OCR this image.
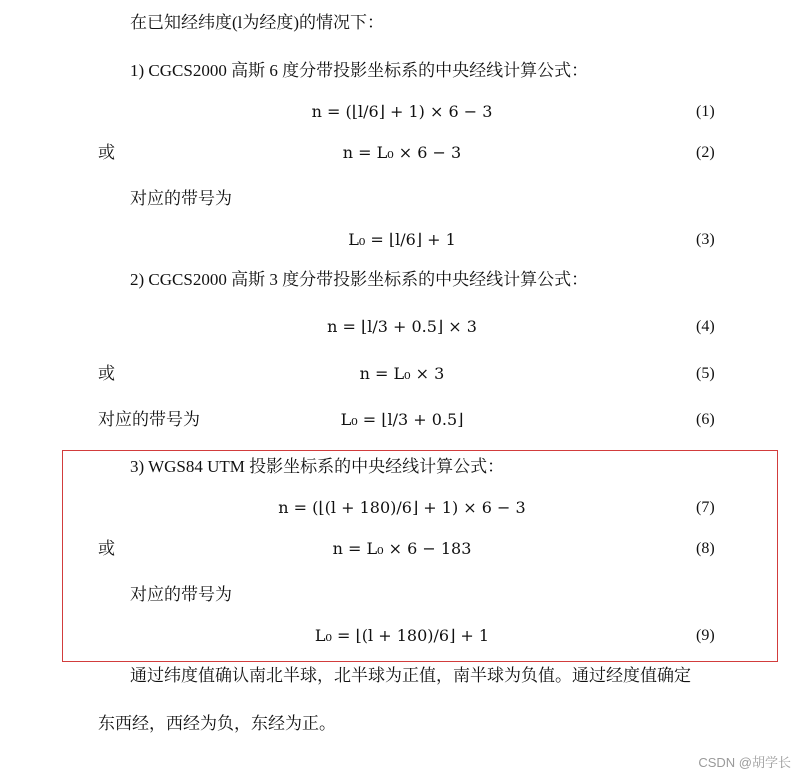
在已知经纬度(l为经度)的情况下：
1) CGCS2000 高斯 6 度分带投影坐标系的中央经线计算公式：
n = (⌊l/6⌋ + 1) × 6 − 3	(1)
或	n = L₀ × 6 − 3	(2)
对应的带号为
L₀ = ⌊l/6⌋ + 1	(3)
2) CGCS2000 高斯 3 度分带投影坐标系的中央经线计算公式：
n = ⌊l/3 + 0.5⌋ × 3	(4)
或	n = L₀ × 3	(5)
对应的带号为	L₀ = ⌊l/3 + 0.5⌋	(6)
3) WGS84 UTM 投影坐标系的中央经线计算公式：
n = (⌊(l + 180)/6⌋ + 1) × 6 − 3	(7)
或	n = L₀ × 6 − 183	(8)
对应的带号为
L₀ = ⌊(l + 180)/6⌋ + 1	(9)
通过纬度值确认南北半球，北半球为正值，南半球为负值。通过经度值确定
东西经，西经为负，东经为正。
CSDN @胡学长
